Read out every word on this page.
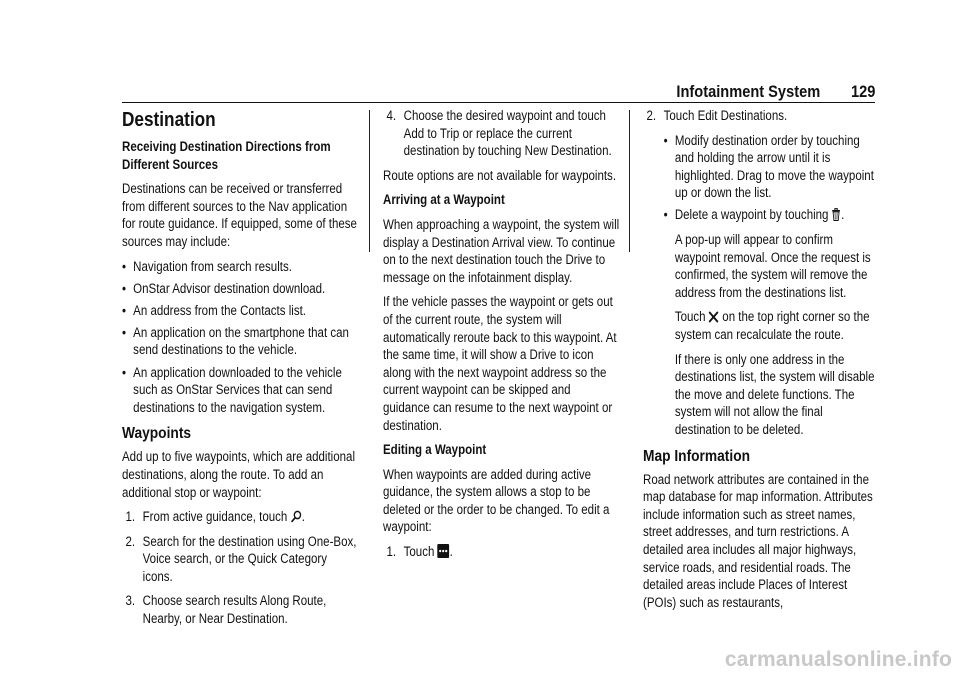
Infotainment System 129
Destination

Receiving Destination Directions from Different Sources

Destinations can be received or transferred from different sources to the Nav application for route guidance. If equipped, some of these sources may include:

• Navigation from search results.
• OnStar Advisor destination download.
• An address from the Contacts list.
• An application on the smartphone that can send destinations to the vehicle.
• An application downloaded to the vehicle such as OnStar Services that can send destinations to the navigation system.
Waypoints

Add up to five waypoints, which are additional destinations, along the route. To add an additional stop or waypoint:

1. From active guidance, touch .
2. Search for the destination using One-Box, Voice search, or the Quick Category icons.
3. Choose search results Along Route, Nearby, or Near Destination.
4. Choose the desired waypoint and touch Add to Trip or replace the current destination by touching New Destination.

Route options are not available for waypoints.

Arriving at a Waypoint

When approaching a waypoint, the system will display a Destination Arrival view. To continue on to the next destination touch the Drive to message on the infotainment display.

If the vehicle passes the waypoint or gets out of the current route, the system will automatically reroute back to this waypoint. At the same time, it will show a Drive to icon along with the next waypoint address so the current waypoint can be skipped and guidance can resume to the next waypoint or destination.

Editing a Waypoint

When waypoints are added during active guidance, the system allows a stop to be deleted or the order to be changed. To edit a waypoint:

1. Touch .
2. Touch Edit Destinations.
• Modify destination order by touching and holding the arrow until it is highlighted. Drag to move the waypoint up or down the list.
• Delete a waypoint by touching .
A pop-up will appear to confirm waypoint removal. Once the request is confirmed, the system will remove the address from the destinations list.
Touch on the top right corner so the system can recalculate the route.
If there is only one address in the destinations list, the system will disable the move and delete functions. The system will not allow the final destination to be deleted.
Map Information

Road network attributes are contained in the map database for map information. Attributes include information such as street names, street addresses, and turn restrictions. A detailed area includes all major highways, service roads, and residential roads. The detailed areas include Places of Interest (POIs) such as restaurants,

carmanualsonline.info
